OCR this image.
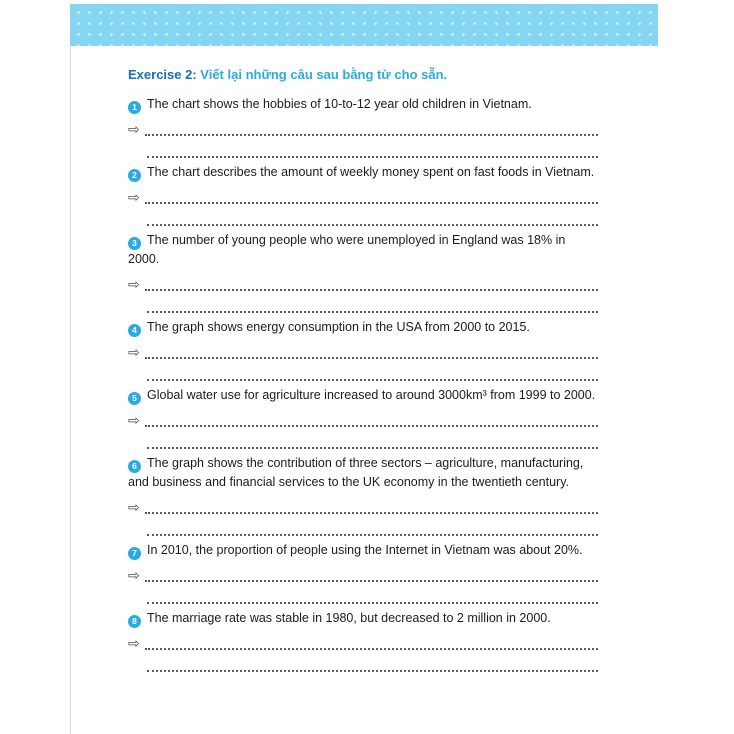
Exercise 2: Viết lại những câu sau bằng từ cho sẵn.

1 The chart shows the hobbies of 10-to-12 year old children in Vietnam.

⇨

2 The chart describes the amount of weekly money spent on fast foods in Vietnam.

⇨

3 The number of young people who were unemployed in England was 18% in 2000.

⇨

4 The graph shows energy consumption in the USA from 2000 to 2015.

⇨

5 Global water use for agriculture increased to around 3000km³ from 1999 to 2000.

⇨

6 The graph shows the contribution of three sectors – agriculture, manufacturing, and business and financial services to the UK economy in the twentieth century.

⇨

7 In 2010, the proportion of people using the Internet in Vietnam was about 20%.

⇨

8 The marriage rate was stable in 1980, but decreased to 2 million in 2000.

⇨
